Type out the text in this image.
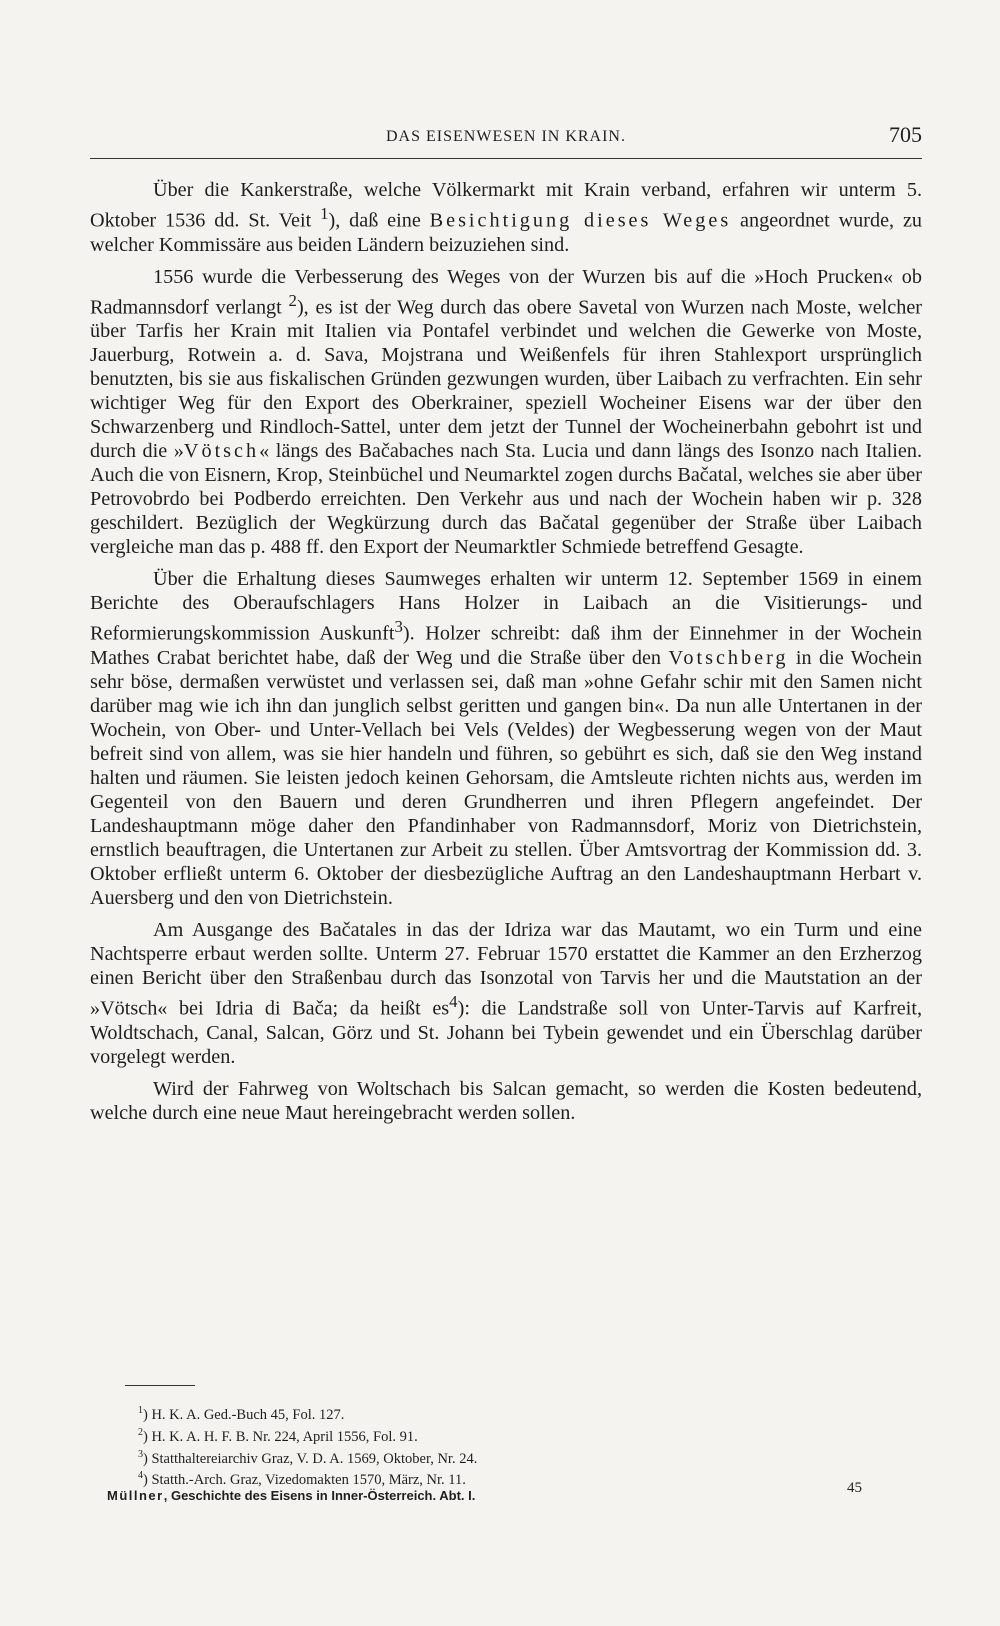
DAS EISENWESEN IN KRAIN.	705

Über die Kankerstraße, welche Völkermarkt mit Krain verband, erfahren wir unterm 5. Oktober 1536 dd. St. Veit $^1$), daß eine Besichtigung dieses Weges angeordnet wurde, zu welcher Kommissäre aus beiden Ländern beizuziehen sind.

1556 wurde die Verbesserung des Weges von der Wurzen bis auf die »Hoch Prucken« ob Radmannsdorf verlangt $^2$), es ist der Weg durch das obere Savetal von Wurzen nach Moste, welcher über Tarfis her Krain mit Italien via Pontafel verbindet und welchen die Gewerke von Moste, Jauerburg, Rotwein a. d. Sava, Mojstrana und Weißenfels für ihren Stahlexport ursprünglich benutzten, bis sie aus fiskalischen Gründen gezwungen wurden, über Laibach zu verfrachten. Ein sehr wichtiger Weg für den Export des Oberkrainer, speziell Wocheiner Eisens war der über den Schwarzenberg und Rindloch-Sattel, unter dem jetzt der Tunnel der Wocheinerbahn gebohrt ist und durch die »Vötsch« längs des Bačabaches nach Sta. Lucia und dann längs des Isonzo nach Italien. Auch die von Eisnern, Krop, Steinbüchel und Neumarktel zogen durchs Bačatal, welches sie aber über Petrovobrdo bei Podberdo erreichten. Den Verkehr aus und nach der Wochein haben wir p. 328 geschildert. Bezüglich der Wegkürzung durch das Bačatal gegenüber der Straße über Laibach vergleiche man das p. 488 ff. den Export der Neumarktler Schmiede betreffend Gesagte.

Über die Erhaltung dieses Saumweges erhalten wir unterm 12. September 1569 in einem Berichte des Oberaufschlagers Hans Holzer in Laibach an die Visitierungs- und Reformierungskommission Auskunft$^3$). Holzer schreibt: daß ihm der Einnehmer in der Wochein Mathes Crabat berichtet habe, daß der Weg und die Straße über den Votschberg in die Wochein sehr böse, dermaßen verwüstet und verlassen sei, daß man »ohne Gefahr schir mit den Samen nicht darüber mag wie ich ihn dan junglich selbst geritten und gangen bin«. Da nun alle Untertanen in der Wochein, von Ober- und Unter-Vellach bei Vels (Veldes) der Wegbesserung wegen von der Maut befreit sind von allem, was sie hier handeln und führen, so gebührt es sich, daß sie den Weg instand halten und räumen. Sie leisten jedoch keinen Gehorsam, die Amtsleute richten nichts aus, werden im Gegenteil von den Bauern und deren Grundherren und ihren Pflegern angefeindet. Der Landeshauptmann möge daher den Pfandinhaber von Radmannsdorf, Moriz von Dietrichstein, ernstlich beauftragen, die Untertanen zur Arbeit zu stellen. Über Amtsvortrag der Kommission dd. 3. Oktober erfließt unterm 6. Oktober der diesbezügliche Auftrag an den Landeshauptmann Herbart v. Auersberg und den von Dietrichstein.

Am Ausgange des Bačatales in das der Idriza war das Mautamt, wo ein Turm und eine Nachtsperre erbaut werden sollte. Unterm 27. Februar 1570 erstattet die Kammer an den Erzherzog einen Bericht über den Straßenbau durch das Isonzotal von Tarvis her und die Mautstation an der »Vötsch« bei Idria di Bača; da heißt $es^4$): die Landstraße soll von Unter-Tarvis auf Karfreit, Woldtschach, Canal, Salcan, Görz und St. Johann bei Tybein gewendet und ein Überschlag darüber vorgelegt werden.

Wird der Fahrweg von Woltschach bis Salcan gemacht, so werden die Kosten bedeutend, welche durch eine neue Maut hereingebracht werden sollen.

$^1$) H. K. A. Ged.-Buch 45, Fol. 127.
$^2$) H. K. A. H. F. B. Nr. 224, April 1556, Fol. 91.
$^3$) Statthaltereiarchiv Graz, V. D. A. 1569, Oktober, Nr. 24.
$^4$) Statth.-Arch. Graz, Vizedomakten 1570, März, Nr. 11.
Müllner, Geschichte des Eisens in Inner-Österreich. Abt. I.	45
